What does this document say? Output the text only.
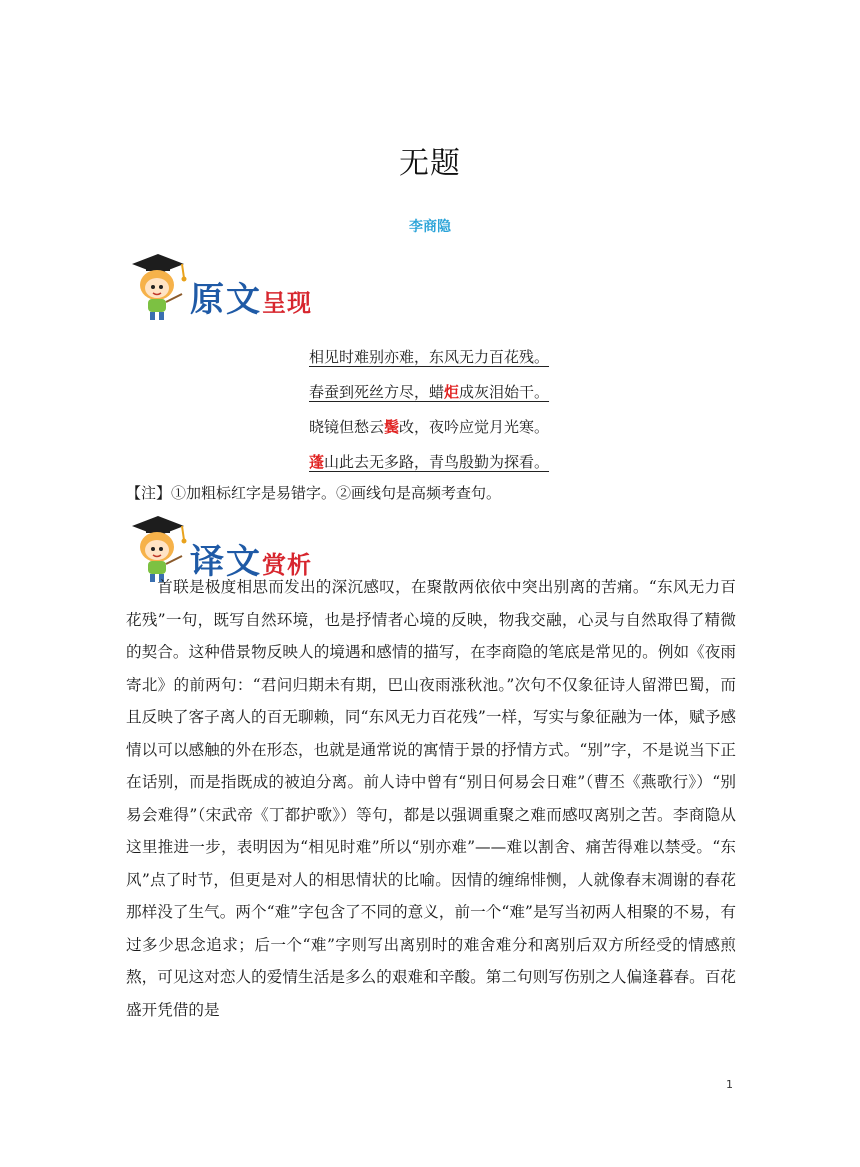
无题
李商隐
原文呈现
相见时难别亦难，东风无力百花残。
春蚕到死丝方尽，蜡炬成灰泪始干。
晓镜但愁云鬓改，夜吟应觉月光寒。
蓬山此去无多路，青鸟殷勤为探看。
【注】①加粗标红字是易错字。②画线句是高频考查句。
译文赏析
首联是极度相思而发出的深沉感叹，在聚散两依依中突出别离的苦痛。“东风无力百花残”一句，既写自然环境，也是抒情者心境的反映，物我交融，心灵与自然取得了精微的契合。这种借景物反映人的境遇和感情的描写，在李商隐的笔底是常见的。例如《夜雨寄北》的前两句：“君问归期未有期，巴山夜雨涨秋池。”次句不仅象征诗人留滞巴蜀，而且反映了客子离人的百无聊赖，同“东风无力百花残”一样，写实与象征融为一体，赋予感情以可以感触的外在形态，也就是通常说的寓情于景的抒情方式。“别”字，不是说当下正在话别，而是指既成的被迫分离。前人诗中曾有“别日何易会日难”（曹丕《燕歌行》）“别易会难得”（宋武帝《丁都护歌》）等句，都是以强调重聚之难而感叹离别之苦。李商隐从这里推进一步，表明因为“相见时难”所以“别亦难”——难以割舍、痛苦得难以禁受。“东风”点了时节，但更是对人的相思情状的比喻。因情的缠绵悱恻，人就像春末凋谢的春花那样没了生气。两个“难”字包含了不同的意义，前一个“难”是写当初两人相聚的不易，有过多少思念追求；后一个“难”字则写出离别时的难舍难分和离别后双方所经受的情感煎熬，可见这对恋人的爱情生活是多么的艰难和辛酸。第二句则写伤别之人偏逢暮春。百花盛开凭借的是
1
